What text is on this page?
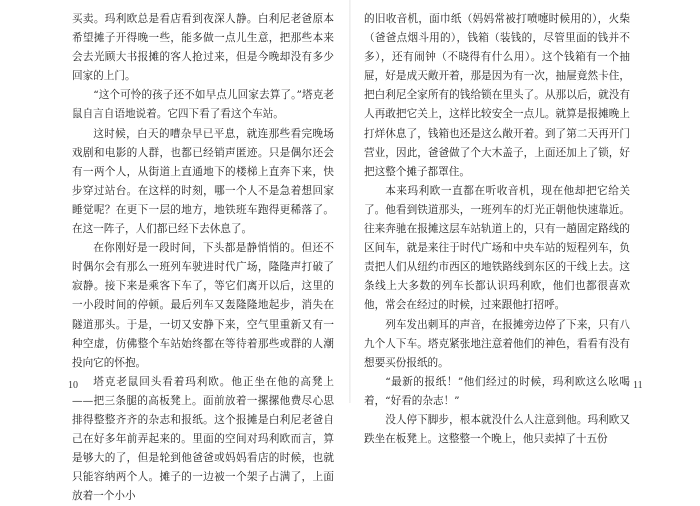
买卖。玛利欧总是看店看到夜深人静。白利尼老爸原本希望摊子开得晚一些，能多做一点儿生意，把那些本来会去光顾大书报摊的客人抢过来，但是今晚却没有多少回家的上门。

“这个可怜的孩子还不如早点儿回家去算了。”塔克老鼠自言自语地说着。它四下看了看这个车站。

这时候，白天的嘈杂早已平息，就连那些看完晚场戏剧和电影的人群，也都已经销声匿迹。只是偶尔还会有一两个人，从街道上直通地下的楼梯上直奔下来，快步穿过站台。在这样的时刻，哪一个人不是急着想回家睡觉呢？在更下一层的地方，地铁班车跑得更稀落了。在这一阵子，人们都已经下去休息了。

在你刚好是一段时间，下头都是静悄悄的。但还不时偶尔会有那么一班列车驶进时代广场，隆隆声打破了寂静。接下来是乘客下车了，等它们离开以后，这里的一小段时间的停顿。最后列车又轰隆隆地起步，消失在隧道那头。于是，一切又安静下来，空气里重新又有一种空虚，仿佛整个车站始终都在等待着那些或群的人潮投向它的怀抱。

塔克老鼠回头看着玛利欧。他正坐在他的高凳上——把三条腿的高板凳上。面前放着一摞摞他费尽心思排得整整齐齐的杂志和报纸。这个报摊是白利尼老爸自己在好多年前弄起来的。里面的空间对玛利欧而言，算是够大的了，但是轮到他爸爸或妈妈看店的时候，也就只能容纳两个人。摊子的一边被一个架子占满了，上面放着一个小小

10

的旧收音机，面巾纸（妈妈常被打喷嚏时候用的），火柴（爸爸点烟斗用的），钱箱（装钱的，尽管里面的钱并不多），还有闹钟（不晓得有什么用）。这个钱箱有一个抽屉，好是成天敞开着，那是因为有一次，抽屉竟然卡住，把白利尼全家所有的钱给锁在里头了。从那以后，就没有人再敢把它关上，这样比较安全一点儿。就算是报摊晚上打烊休息了，钱箱也还是这么敞开着。到了第二天再开门营业，因此，爸爸做了个大木盖子，上面还加上了锁，好把这整个摊子都罩住。

本来玛利欧一直都在听收音机，现在他却把它给关了。他看到铁道那头，一班列车的灯光正朝他快速靠近。往来奔驰在报摊这层车站轨道上的，只有一趟固定路线的区间车，就是来往于时代广场和中央车站的短程列车，负责把人们从纽约市西区的地铁路线到东区的干线上去。这条线上大多数的列车长都认识玛利欧，他们也都很喜欢他，常会在经过的时候，过来跟他打招呼。

列车发出刺耳的声音，在报摊旁边停了下来，只有八九个人下车。塔克紧张地注意着他们的神色，看看有没有想要买份报纸的。

“最新的报纸！”他们经过的时候，玛利欧这么吆喝着，“好看的杂志！”

没人停下脚步，根本就没什么人注意到他。玛利欧又跌坐在板凳上。这整整一个晚上，他只卖掉了十五份

11
